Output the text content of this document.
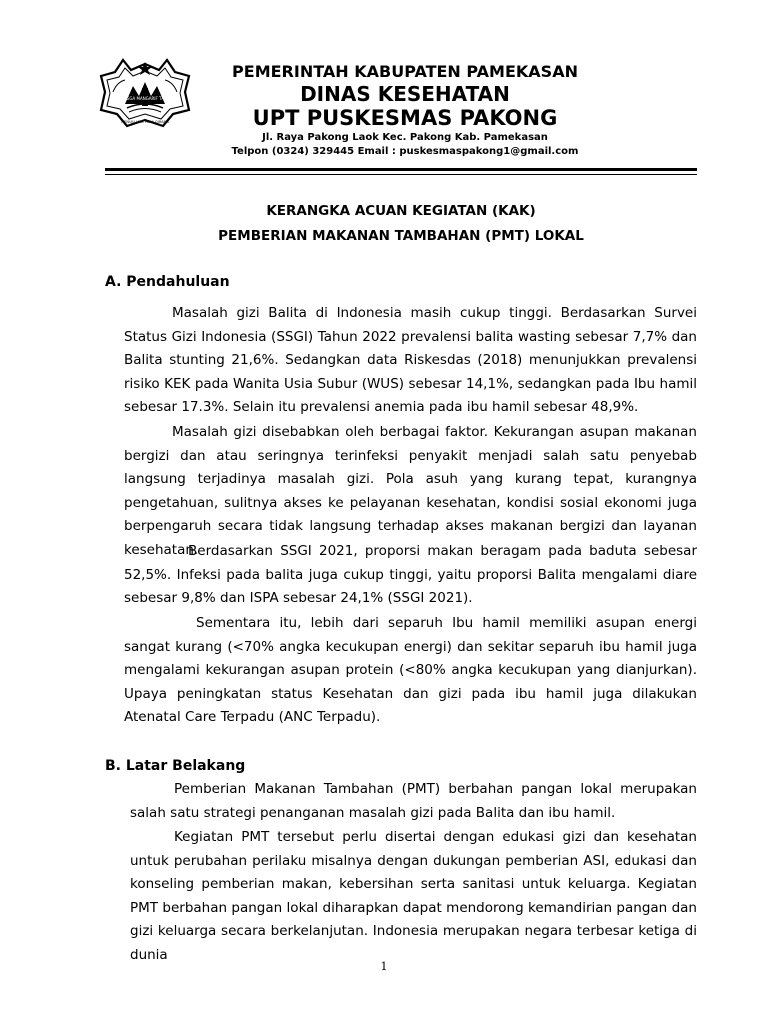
MANGGA MANGARIF TAMBA
MENUJU JAYA PADA GIRANG
PEMERINTAH KABUPATEN PAMEKASAN
DINAS KESEHATAN
UPT PUSKESMAS PAKONG
Jl. Raya Pakong Laok Kec. Pakong Kab. Pamekasan
Telpon (0324) 329445 Email : puskesmaspakong1@gmail.com
KERANGKA ACUAN KEGIATAN (KAK)
PEMBERIAN MAKANAN TAMBAHAN (PMT) LOKAL
A. Pendahuluan

Masalah gizi Balita di Indonesia masih cukup tinggi. Berdasarkan Survei Status Gizi Indonesia (SSGI) Tahun 2022 prevalensi balita wasting sebesar 7,7% dan Balita stunting 21,6%. Sedangkan data Riskesdas (2018) menunjukkan prevalensi risiko KEK pada Wanita Usia Subur (WUS) sebesar 14,1%, sedangkan pada Ibu hamil sebesar 17.3%. Selain itu prevalensi anemia pada ibu hamil sebesar 48,9%.

Masalah gizi disebabkan oleh berbagai faktor. Kekurangan asupan makanan bergizi dan atau seringnya terinfeksi penyakit menjadi salah satu penyebab langsung terjadinya masalah gizi. Pola asuh yang kurang tepat, kurangnya pengetahuan, sulitnya akses ke pelayanan kesehatan, kondisi sosial ekonomi juga berpengaruh secara tidak langsung terhadap akses makanan bergizi dan layanan kesehatan.

Berdasarkan SSGI 2021, proporsi makan beragam pada baduta sebesar 52,5%. Infeksi pada balita juga cukup tinggi, yaitu proporsi Balita mengalami diare sebesar 9,8% dan ISPA sebesar 24,1% (SSGI 2021).

Sementara itu, lebih dari separuh Ibu hamil memiliki asupan energi sangat kurang (<70% angka kecukupan energi) dan sekitar separuh ibu hamil juga mengalami kekurangan asupan protein (<80% angka kecukupan yang dianjurkan). Upaya peningkatan status Kesehatan dan gizi pada ibu hamil juga dilakukan Atenatal Care Terpadu (ANC Terpadu).

B. Latar Belakang

Pemberian Makanan Tambahan (PMT) berbahan pangan lokal merupakan salah satu strategi penanganan masalah gizi pada Balita dan ibu hamil.

Kegiatan PMT tersebut perlu disertai dengan edukasi gizi dan kesehatan untuk perubahan perilaku misalnya dengan dukungan pemberian ASI, edukasi dan konseling pemberian makan, kebersihan serta sanitasi untuk keluarga. Kegiatan PMT berbahan pangan lokal diharapkan dapat mendorong kemandirian pangan dan gizi keluarga secara berkelanjutan. Indonesia merupakan negara terbesar ketiga di dunia

1
